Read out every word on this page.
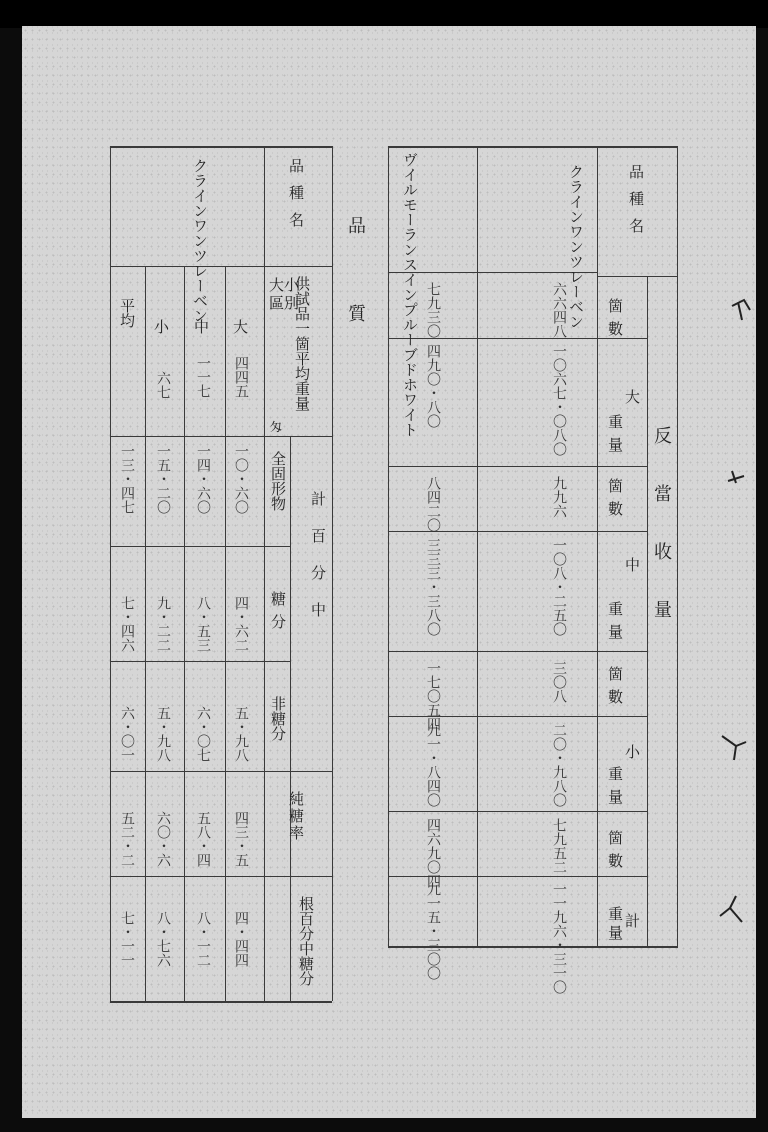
品種名
クラインワンツレーベン
ヴイルモーランスインプルーブドホワイト
反當收量
大
中
小
計
箇數
重量
箇數
重量
箇數
重量
箇數
重量
六六四八
一〇六七・〇八〇
九九六
一〇八・二五〇
三〇八
二〇・九八〇
七九五二
一一九六・三一〇
七九三〇
四九〇・八〇
八四二〇
三三三・三八〇
一七〇五四
九一・八四〇
四六九〇四
九一五・三〇〇
品質
品種名
クラインワンツレーベン	大小區別
供試品一箇平均重量
匁
計百分中
全固形物
糖分
非糖分
純糖率
根百分中糖分
大
中
小
平均
四四五
一一七
六七
一〇・六〇
一四・六〇
一五・二〇
一三・四七
四・六二
八・五三
九・二二
七・四六
五・九八
六・〇七
五・九八
六・〇一
四三・五
五八・四
六〇・六
五二・二
四・四四
八・一二
八・七六
七・一一
